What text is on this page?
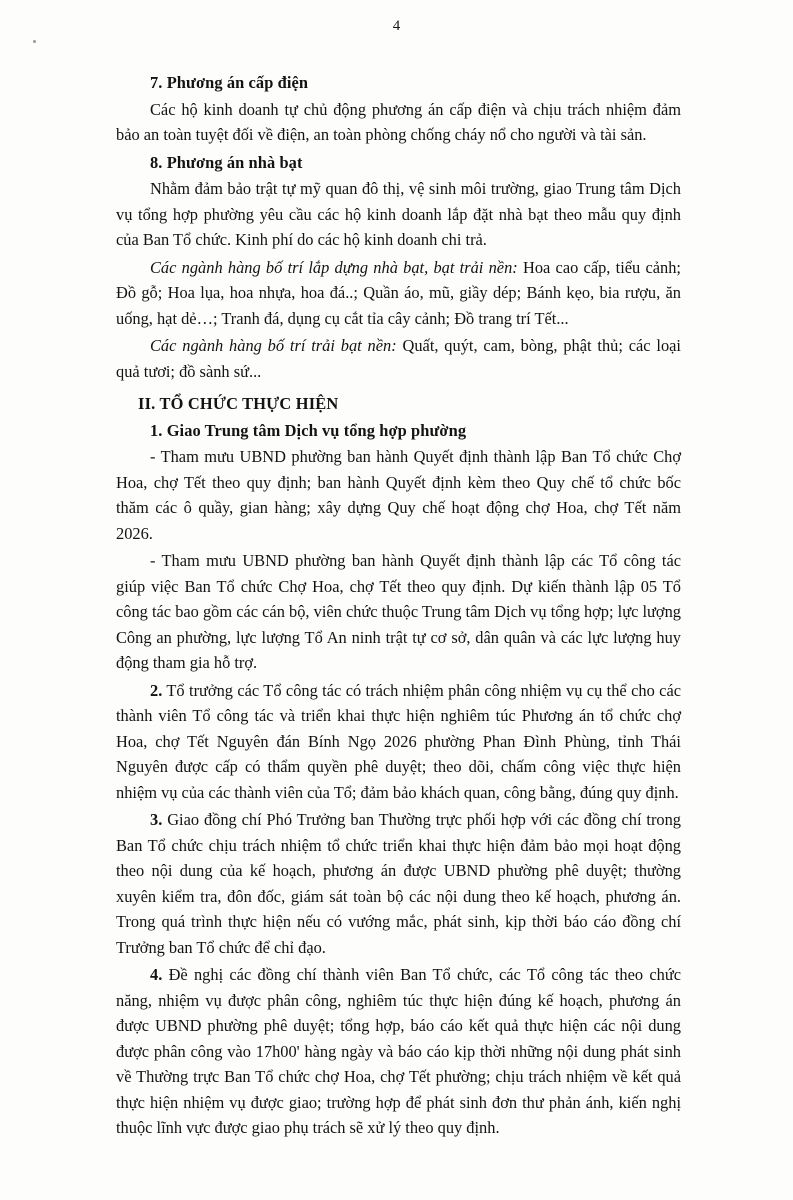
4

7. Phương án cấp điện

Các hộ kinh doanh tự chủ động phương án cấp điện và chịu trách nhiệm đảm bảo an toàn tuyệt đối về điện, an toàn phòng chống cháy nổ cho người và tài sản.

8. Phương án nhà bạt

Nhằm đảm bảo trật tự mỹ quan đô thị, vệ sinh môi trường, giao Trung tâm Dịch vụ tổng hợp phường yêu cầu các hộ kinh doanh lắp đặt nhà bạt theo mẫu quy định của Ban Tổ chức. Kinh phí do các hộ kinh doanh chi trả.

Các ngành hàng bố trí lắp dựng nhà bạt, bạt trải nền: Hoa cao cấp, tiểu cảnh; Đồ gỗ; Hoa lụa, hoa nhựa, hoa đá..; Quần áo, mũ, giầy dép; Bánh kẹo, bia rượu, ăn uống, hạt dẻ…; Tranh đá, dụng cụ cắt tỉa cây cảnh; Đồ trang trí Tết...

Các ngành hàng bố trí trải bạt nền: Quất, quýt, cam, bòng, phật thủ; các loại quả tươi; đồ sành sứ...

II. TỔ CHỨC THỰC HIỆN

1. Giao Trung tâm Dịch vụ tổng hợp phường

- Tham mưu UBND phường ban hành Quyết định thành lập Ban Tổ chức Chợ Hoa, chợ Tết theo quy định; ban hành Quyết định kèm theo Quy chế tổ chức bốc thăm các ô quầy, gian hàng; xây dựng Quy chế hoạt động chợ Hoa, chợ Tết năm 2026.

- Tham mưu UBND phường ban hành Quyết định thành lập các Tổ công tác giúp việc Ban Tổ chức Chợ Hoa, chợ Tết theo quy định. Dự kiến thành lập 05 Tổ công tác bao gồm các cán bộ, viên chức thuộc Trung tâm Dịch vụ tổng hợp; lực lượng Công an phường, lực lượng Tổ An ninh trật tự cơ sở, dân quân và các lực lượng huy động tham gia hỗ trợ.

2. Tổ trưởng các Tổ công tác có trách nhiệm phân công nhiệm vụ cụ thể cho các thành viên Tổ công tác và triển khai thực hiện nghiêm túc Phương án tổ chức chợ Hoa, chợ Tết Nguyên đán Bính Ngọ 2026 phường Phan Đình Phùng, tỉnh Thái Nguyên được cấp có thẩm quyền phê duyệt; theo dõi, chấm công việc thực hiện nhiệm vụ của các thành viên của Tổ; đảm bảo khách quan, công bằng, đúng quy định.

3. Giao đồng chí Phó Trưởng ban Thường trực phối hợp với các đồng chí trong Ban Tổ chức chịu trách nhiệm tổ chức triển khai thực hiện đảm bảo mọi hoạt động theo nội dung của kế hoạch, phương án được UBND phường phê duyệt; thường xuyên kiểm tra, đôn đốc, giám sát toàn bộ các nội dung theo kế hoạch, phương án. Trong quá trình thực hiện nếu có vướng mắc, phát sinh, kịp thời báo cáo đồng chí Trưởng ban Tổ chức để chỉ đạo.

4. Đề nghị các đồng chí thành viên Ban Tổ chức, các Tổ công tác theo chức năng, nhiệm vụ được phân công, nghiêm túc thực hiện đúng kế hoạch, phương án được UBND phường phê duyệt; tổng hợp, báo cáo kết quả thực hiện các nội dung được phân công vào 17h00' hàng ngày và báo cáo kịp thời những nội dung phát sinh về Thường trực Ban Tổ chức chợ Hoa, chợ Tết phường; chịu trách nhiệm về kết quả thực hiện nhiệm vụ được giao; trường hợp để phát sinh đơn thư phản ánh, kiến nghị thuộc lĩnh vực được giao phụ trách sẽ xử lý theo quy định.
